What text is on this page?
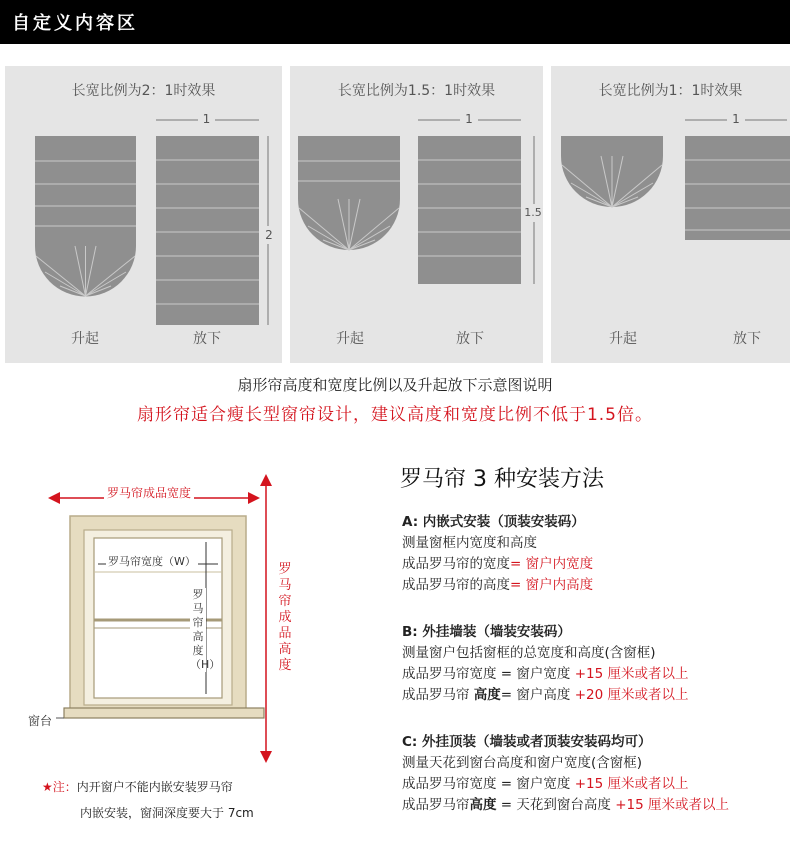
自定义内容区
长宽比例为2：1时效果
1
2
升起	放下
长宽比例为1.5：1时效果
1
1.5
升起	放下
长宽比例为1：1时效果
1
升起	放下
扇形帘高度和宽度比例以及升起放下示意图说明
扇形帘适合瘦长型窗帘设计，建议高度和宽度比例不低于1.5倍。
罗马帘成品宽度
罗马帘宽度（W）
罗马帘高度（H）
罗马帘成品高度
窗台
★注：内开窗户不能内嵌安装罗马帘
内嵌安装，窗洞深度要大于 7cm
罗马帘 3 种安装方法
A: 内嵌式安装（顶装安装码）
测量窗框内宽度和高度
成品罗马帘的宽度= 窗户内宽度
成品罗马帘的高度= 窗户内高度
B: 外挂墙装（墙装安装码）
测量窗户包括窗框的总宽度和高度(含窗框)
成品罗马帘宽度 = 窗户宽度 +15 厘米或者以上
成品罗马帘 高度= 窗户高度 +20 厘米或者以上
C: 外挂顶装（墙装或者顶装安装码均可）
测量天花到窗台高度和窗户宽度(含窗框)
成品罗马帘宽度 = 窗户宽度 +15 厘米或者以上
成品罗马帘高度 = 天花到窗台高度 +15 厘米或者以上
